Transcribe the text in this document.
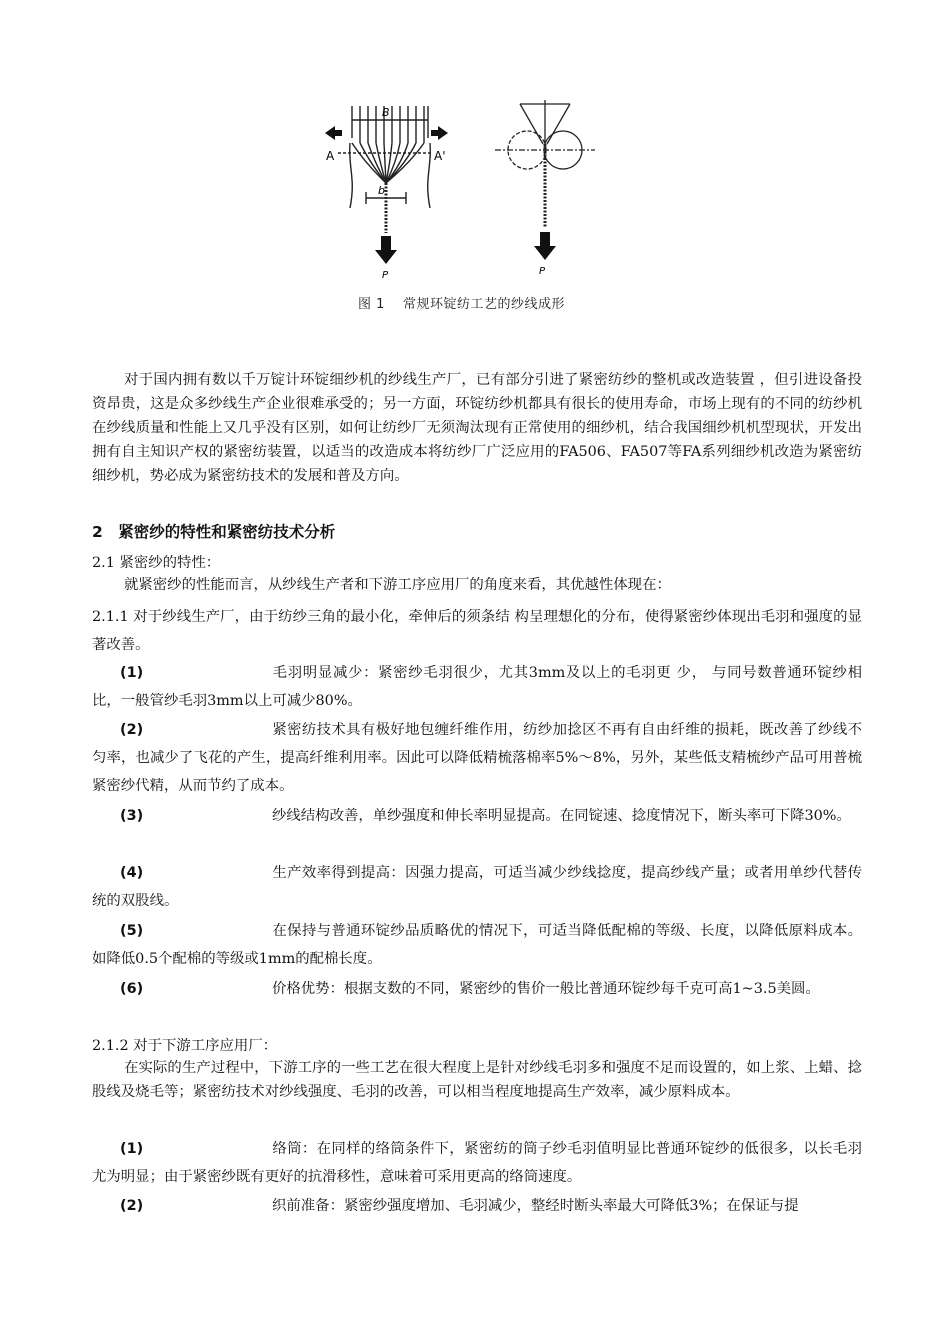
A	A'
B
b
P	P
图 1　 常规环锭纺工艺的纱线成形

对于国内拥有数以千万锭计环锭细纱机的纱线生产厂，已有部分引进了紧密纺纱的整机或改造装置 ，但引进设备投资昂贵，这是众多纱线生产企业很难承受的；另一方面，环锭纺纱机都具有很长的使用寿命，市场上现有的不同的纺纱机在纱线质量和性能上又几乎没有区别，如何让纺纱厂无须淘汰现有正常使用的细纱机，结合我国细纱机机型现状，开发出拥有自主知识产权的紧密纺装置，以适当的改造成本将纺纱厂广泛应用的FA506、FA507等FA系列细纱机改造为紧密纺细纱机，势必成为紧密纺技术的发展和普及方向。

2　紧密纱的特性和紧密纺技术分析

2.1 紧密纱的特性：

就紧密纱的性能而言，从纱线生产者和下游工序应用厂的角度来看，其优越性体现在：

2.1.1 对于纱线生产厂，由于纺纱三角的最小化，牵伸后的须条结 构呈理想化的分布，使得紧密纱体现出毛羽和强度的显著改善。

(1)	毛羽明显减少：紧密纱毛羽很少，尤其3mm及以上的毛羽更 少， 与同号数普通环锭纱相比，一般管纱毛羽3mm以上可减少80%。

(2)	紧密纺技术具有极好地包缠纤维作用，纺纱加捻区不再有自由纤维的损耗，既改善了纱线不匀率，也减少了飞花的产生，提高纤维利用率。因此可以降低精梳落棉率5%～8%，另外，某些低支精梳纱产品可用普梳紧密纱代精，从而节约了成本。

(3)	纱线结构改善，单纱强度和伸长率明显提高。在同锭速、捻度情况下，断头率可下降30%。

(4)	生产效率得到提高：因强力提高，可适当减少纱线捻度，提高纱线产量；或者用单纱代替传统的双股线。

(5)	在保持与普通环锭纱品质略优的情况下，可适当降低配棉的等级、长度，以降低原料成本。如降低0.5个配棉的等级或1mm的配棉长度。

(6)	价格优势：根据支数的不同，紧密纱的售价一般比普通环锭纱每千克可高1~3.5美圆。

2.1.2 对于下游工序应用厂：

在实际的生产过程中，下游工序的一些工艺在很大程度上是针对纱线毛羽多和强度不足而设置的，如上浆、上蜡、捻股线及烧毛等；紧密纺技术对纱线强度、毛羽的改善，可以相当程度地提高生产效率，减少原料成本。

(1)	络筒：在同样的络筒条件下，紧密纺的筒子纱毛羽值明显比普通环锭纱的低很多，以长毛羽尤为明显；由于紧密纱既有更好的抗滑移性，意味着可采用更高的络筒速度。

(2)	织前准备：紧密纱强度增加、毛羽减少，整经时断头率最大可降低3%；在保证与提
